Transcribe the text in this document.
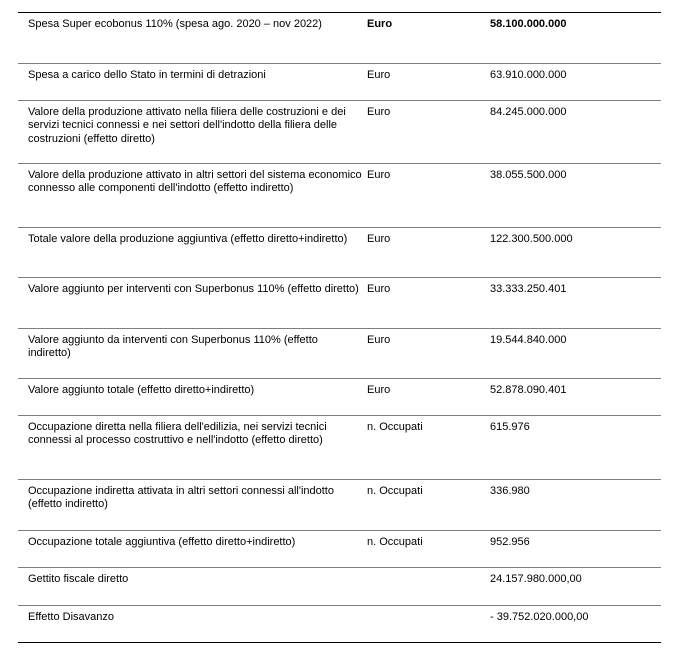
Spesa Super ecobonus 110% (spesa ago. 2020 – nov 2022)	Euro	58.100.000.000
Spesa a carico dello Stato in termini di detrazioni	Euro	63.910.000.000
Valore della produzione attivato nella filiera delle costruzioni e dei servizi tecnici connessi e nei settori dell'indotto della filiera delle costruzioni (effetto diretto)	Euro	84.245.000.000
Valore della produzione attivato in altri settori del sistema economico connesso alle componenti dell'indotto (effetto indiretto)	Euro	38.055.500.000
Totale valore della produzione aggiuntiva (effetto diretto+indiretto)	Euro	122.300.500.000
Valore aggiunto per interventi con Superbonus 110% (effetto diretto)	Euro	33.333.250.401
Valore aggiunto da interventi con Superbonus 110% (effetto indiretto)	Euro	19.544.840.000
Valore aggiunto totale (effetto diretto+indiretto)	Euro	52.878.090.401
Occupazione diretta nella filiera dell'edilizia, nei servizi tecnici connessi al processo costruttivo e nell'indotto (effetto diretto)	n. Occupati	615.976
Occupazione indiretta attivata in altri settori connessi all'indotto (effetto indiretto)	n. Occupati	336.980
Occupazione totale aggiuntiva (effetto diretto+indiretto)	n. Occupati	952.956
Gettito fiscale diretto		24.157.980.000,00
Effetto Disavanzo		- 39.752.020.000,00
